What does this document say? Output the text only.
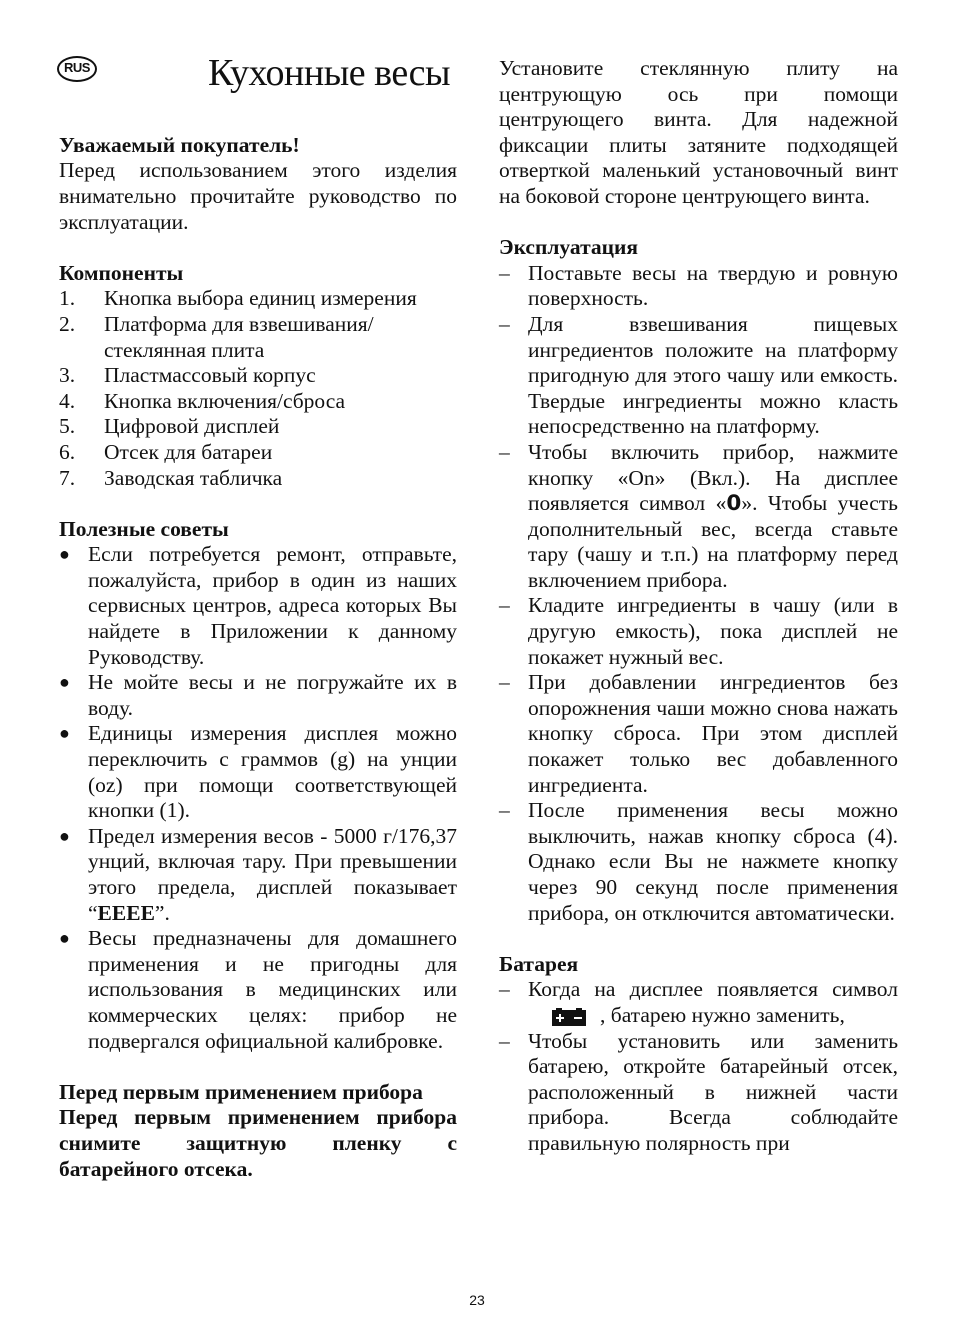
RUS	Кухонные весы
Уважаемый покупатель!

Перед использованием этого изделия внимательно прочитайте руководство по эксплуатации.

Компоненты
1.	Кнопка выбора единиц измерения
2.	Платформа для взвешивания/ стеклянная плита
3.	Пластмассовый корпус
4.	Кнопка включения/сброса
5.	Цифровой дисплей
6.	Отсек для батареи
7.	Заводская табличка
Полезные советы
● Если потребуется ремонт, отправьте, пожалуйста, прибор в один из наших сервисных центров, адреса которых Вы найдете в Приложении к данному Руководству.
● Не мойте весы и не погружайте их в воду.
● Единицы измерения дисплея можно переключить с граммов (g) на унции (oz) при помощи соответствующей кнопки (1).
● Предел измерения весов - 5000 г/176,37 унций, включая тару. При превышении этого предела, дисплей показывает “EEEE”.
● Весы предназначены для домашнего применения и не пригодны для использования в медицинских или коммерческих целях: прибор не подвергался официальной калибровке.

Перед первым применением прибора

Перед первым применением прибора снимите защитную пленку с батарейного отсека.

Установите стеклянную плиту на центрующую ось при помощи центрующего винта. Для надежной фиксации плиты затяните подходящей отверткой маленький установочный винт на боковой стороне центрующего винта.

Эксплуатация
– Поставьте весы на твердую и ровную поверхность.
– Для взвешивания пищевых ингредиентов положите на платформу пригодную для этого чашу или емкость. Твердые ингредиенты можно класть непосредственно на платформу.
– Чтобы включить прибор, нажмите кнопку «On» (Вкл.). На дисплее появляется символ «0». Чтобы учесть дополнительный вес, всегда ставьте тару (чашу и т.п.) на платформу перед включением прибора.
– Кладите ингредиенты в чашу (или в другую емкость), пока дисплей не покажет нужный вес.
– При добавлении ингредиентов без опорожнения чаши можно снова нажать кнопку сброса. При этом дисплей покажет только вес добавленного ингредиента.
– После применения весы можно выключить, нажав кнопку сброса (4). Однако если Вы не нажмете кнопку через 90 секунд после применения прибора, он отключится автоматически.
Батарея
– Когда на дисплее появляется символ
, батарею нужно заменить,
– Чтобы установить или заменить батарею, откройте батарейный отсек, расположенный в нижней части прибора. Всегда соблюдайте правильную полярность при
23
